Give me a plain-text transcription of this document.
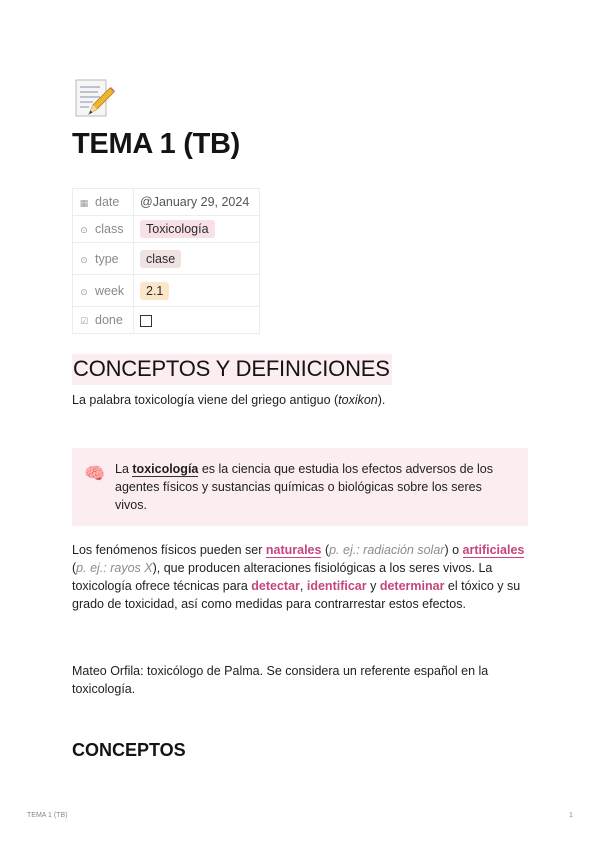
TEMA 1 (TB)
▦ date	@January 29, 2024
⊙ class	Toxicología
⊙ type	clase
⊙ week	2.1
☑ done	
CONCEPTOS Y DEFINICIONES

La palabra toxicología viene del griego antiguo (toxikon).

🧠 La toxicología es la ciencia que estudia los efectos adversos de los agentes físicos y sustancias químicas o biológicas sobre los seres vivos.

Los fenómenos físicos pueden ser naturales (p. ej.: radiación solar) o artificiales (p. ej.: rayos X), que producen alteraciones fisiológicas a los seres vivos. La toxicología ofrece técnicas para detectar, identificar y determinar el tóxico y su grado de toxicidad, así como medidas para contrarrestar estos efectos.

Mateo Orfila: toxicólogo de Palma. Se considera un referente español en la toxicología.

CONCEPTOS
TEMA 1 (TB)	1
